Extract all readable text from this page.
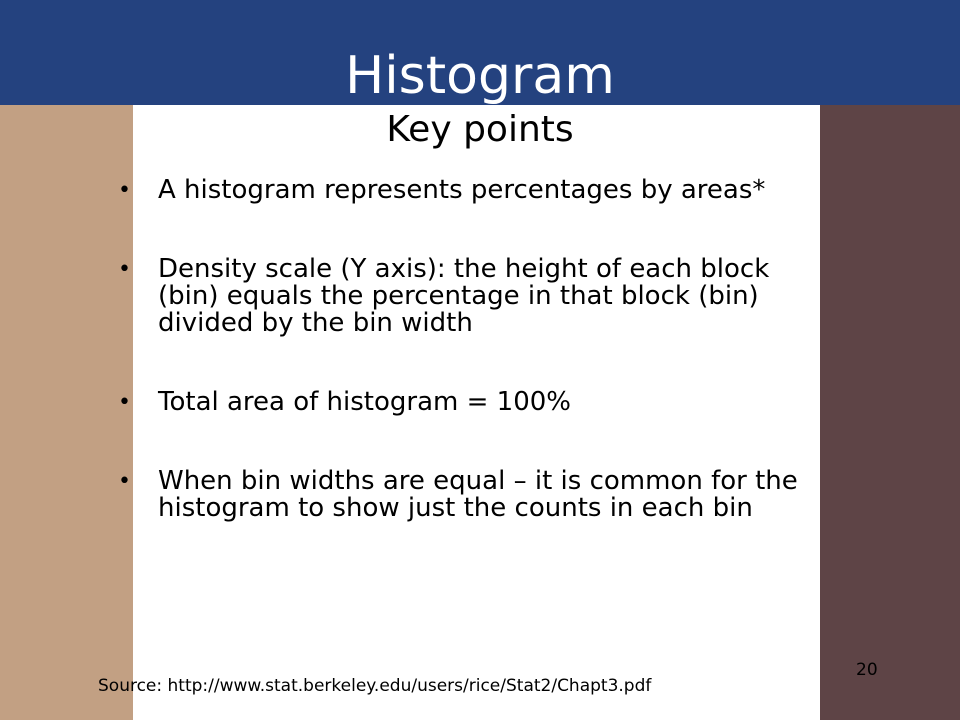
Histogram
Key points
• A histogram represents percentages by areas*
• Density scale (Y axis): the height of each block (bin) equals the percentage in that block (bin) divided by the bin width
• Total area of histogram = 100%
• When bin widths are equal – it is common for the histogram to show just the counts in each bin
20
Source: http://www.stat.berkeley.edu/users/rice/Stat2/Chapt3.pdf
